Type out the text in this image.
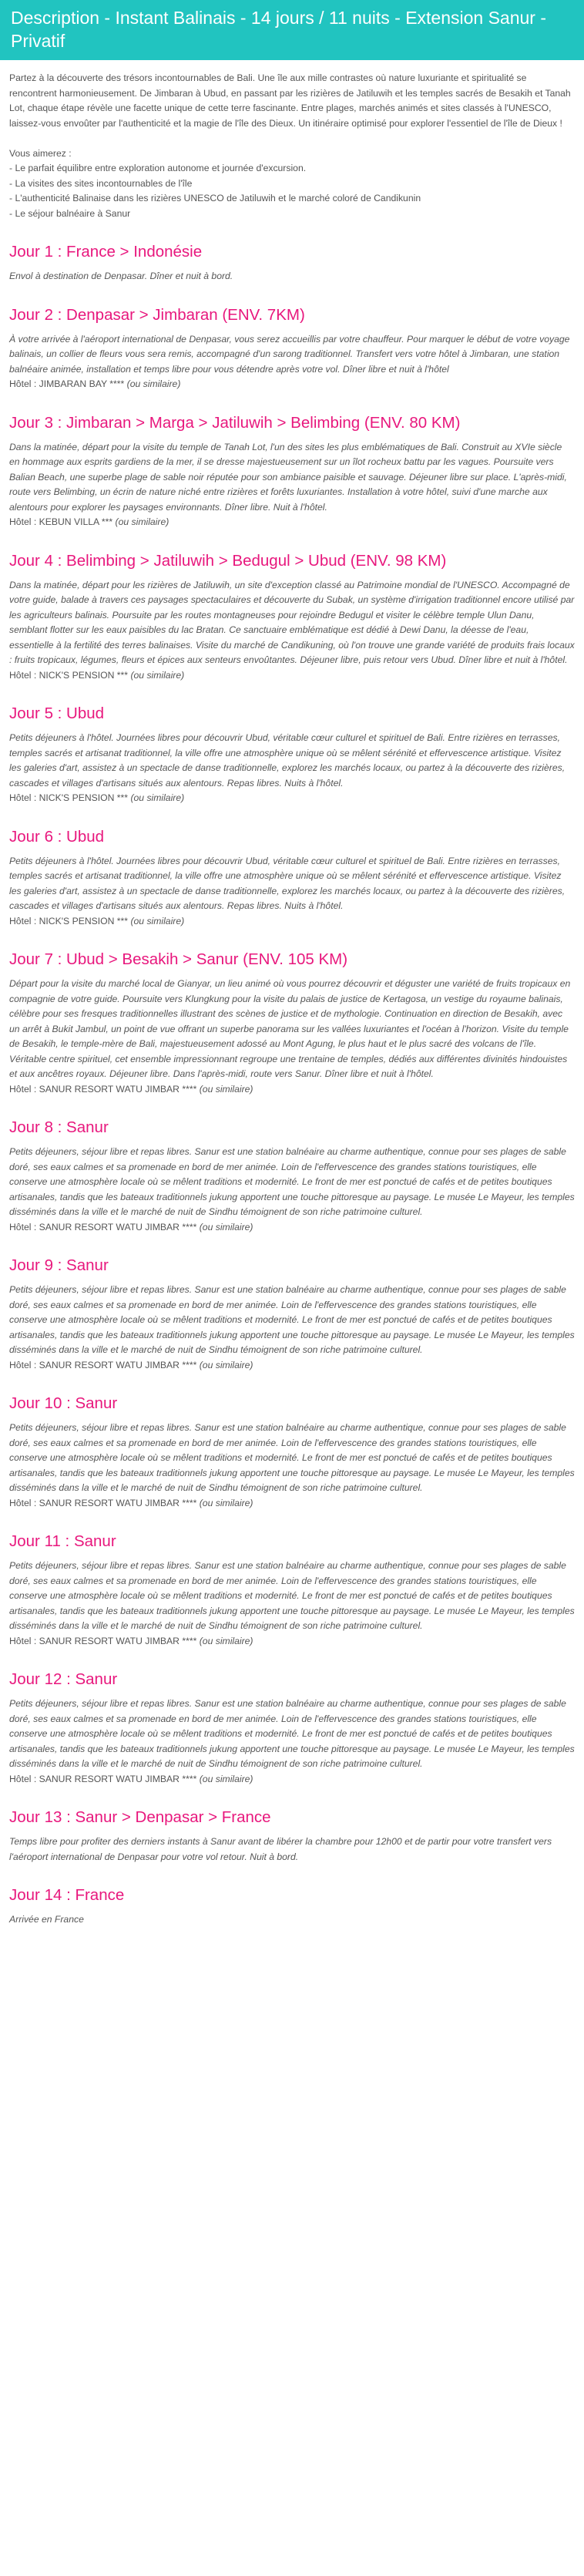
Description - Instant Balinais - 14 jours / 11 nuits - Extension Sanur - Privatif

Partez à la découverte des trésors incontournables de Bali. Une île aux mille contrastes où nature luxuriante et spiritualité se rencontrent harmonieusement. De Jimbaran à Ubud, en passant par les rizières de Jatiluwih et les temples sacrés de Besakih et Tanah Lot, chaque étape révèle une facette unique de cette terre fascinante. Entre plages, marchés animés et sites classés à l'UNESCO, laissez-vous envoûter par l'authenticité et la magie de l'île des Dieux. Un itinéraire optimisé pour explorer l'essentiel de l'île de Dieux !

Vous aimerez :

- Le parfait équilibre entre exploration autonome et journée d'excursion.

- La visites des sites incontournables de l'île

- L'authenticité Balinaise dans les rizières UNESCO de Jatiluwih et le marché coloré de Candikunin

- Le séjour balnéaire à Sanur

Jour 1 : France > Indonésie

Envol à destination de Denpasar. Dîner et nuit à bord.

Jour 2 : Denpasar > Jimbaran (ENV. 7KM)

À votre arrivée à l'aéroport international de Denpasar, vous serez accueillis par votre chauffeur. Pour marquer le début de votre voyage balinais, un collier de fleurs vous sera remis, accompagné d'un sarong traditionnel. Transfert vers votre hôtel à Jimbaran, une station balnéaire animée, installation et temps libre pour vous détendre après votre vol. Dîner libre et nuit à l'hôtel

Hôtel : JIMBARAN BAY **** (ou similaire)

Jour 3 : Jimbaran > Marga > Jatiluwih > Belimbing (ENV. 80 KM)

Dans la matinée, départ pour la visite du temple de Tanah Lot, l'un des sites les plus emblématiques de Bali. Construit au XVIe siècle en hommage aux esprits gardiens de la mer, il se dresse majestueusement sur un îlot rocheux battu par les vagues. Poursuite vers Balian Beach, une superbe plage de sable noir réputée pour son ambiance paisible et sauvage. Déjeuner libre sur place. L'après-midi, route vers Belimbing, un écrin de nature niché entre rizières et forêts luxuriantes. Installation à votre hôtel, suivi d'une marche aux alentours pour explorer les paysages environnants. Dîner libre. Nuit à l'hôtel.

Hôtel : KEBUN VILLA *** (ou similaire)

Jour 4 : Belimbing > Jatiluwih > Bedugul > Ubud (ENV. 98 KM)

Dans la matinée, départ pour les rizières de Jatiluwih, un site d'exception classé au Patrimoine mondial de l'UNESCO. Accompagné de votre guide, balade à travers ces paysages spectaculaires et découverte du Subak, un système d'irrigation traditionnel encore utilisé par les agriculteurs balinais. Poursuite par les routes montagneuses pour rejoindre Bedugul et visiter le célèbre temple Ulun Danu, semblant flotter sur les eaux paisibles du lac Bratan. Ce sanctuaire emblématique est dédié à Dewi Danu, la déesse de l'eau, essentielle à la fertilité des terres balinaises. Visite du marché de Candikuning, où l'on trouve une grande variété de produits frais locaux : fruits tropicaux, légumes, fleurs et épices aux senteurs envoûtantes. Déjeuner libre, puis retour vers Ubud. Dîner libre et nuit à l'hôtel.

Hôtel : NICK'S PENSION *** (ou similaire)

Jour 5 : Ubud

Petits déjeuners à l'hôtel. Journées libres pour découvrir Ubud, véritable cœur culturel et spirituel de Bali. Entre rizières en terrasses, temples sacrés et artisanat traditionnel, la ville offre une atmosphère unique où se mêlent sérénité et effervescence artistique. Visitez les galeries d'art, assistez à un spectacle de danse traditionnelle, explorez les marchés locaux, ou partez à la découverte des rizières, cascades et villages d'artisans situés aux alentours. Repas libres. Nuits à l'hôtel.

Hôtel : NICK'S PENSION *** (ou similaire)

Jour 6 : Ubud

Petits déjeuners à l'hôtel. Journées libres pour découvrir Ubud, véritable cœur culturel et spirituel de Bali. Entre rizières en terrasses, temples sacrés et artisanat traditionnel, la ville offre une atmosphère unique où se mêlent sérénité et effervescence artistique. Visitez les galeries d'art, assistez à un spectacle de danse traditionnelle, explorez les marchés locaux, ou partez à la découverte des rizières, cascades et villages d'artisans situés aux alentours. Repas libres. Nuits à l'hôtel.

Hôtel : NICK'S PENSION *** (ou similaire)

Jour 7 : Ubud > Besakih > Sanur (ENV. 105 KM)

Départ pour la visite du marché local de Gianyar, un lieu animé où vous pourrez découvrir et déguster une variété de fruits tropicaux en compagnie de votre guide. Poursuite vers Klungkung pour la visite du palais de justice de Kertagosa, un vestige du royaume balinais, célèbre pour ses fresques traditionnelles illustrant des scènes de justice et de mythologie. Continuation en direction de Besakih, avec un arrêt à Bukit Jambul, un point de vue offrant un superbe panorama sur les vallées luxuriantes et l'océan à l'horizon. Visite du temple de Besakih, le temple-mère de Bali, majestueusement adossé au Mont Agung, le plus haut et le plus sacré des volcans de l'île. Véritable centre spirituel, cet ensemble impressionnant regroupe une trentaine de temples, dédiés aux différentes divinités hindouistes et aux ancêtres royaux. Déjeuner libre. Dans l'après-midi, route vers Sanur. Dîner libre et nuit à l'hôtel.

Hôtel : SANUR RESORT WATU JIMBAR **** (ou similaire)

Jour 8 : Sanur

Petits déjeuners, séjour libre et repas libres. Sanur est une station balnéaire au charme authentique, connue pour ses plages de sable doré, ses eaux calmes et sa promenade en bord de mer animée. Loin de l'effervescence des grandes stations touristiques, elle conserve une atmosphère locale où se mêlent traditions et modernité. Le front de mer est ponctué de cafés et de petites boutiques artisanales, tandis que les bateaux traditionnels jukung apportent une touche pittoresque au paysage. Le musée Le Mayeur, les temples disséminés dans la ville et le marché de nuit de Sindhu témoignent de son riche patrimoine culturel.

Hôtel : SANUR RESORT WATU JIMBAR **** (ou similaire)

Jour 9 : Sanur

Petits déjeuners, séjour libre et repas libres. Sanur est une station balnéaire au charme authentique, connue pour ses plages de sable doré, ses eaux calmes et sa promenade en bord de mer animée. Loin de l'effervescence des grandes stations touristiques, elle conserve une atmosphère locale où se mêlent traditions et modernité. Le front de mer est ponctué de cafés et de petites boutiques artisanales, tandis que les bateaux traditionnels jukung apportent une touche pittoresque au paysage. Le musée Le Mayeur, les temples disséminés dans la ville et le marché de nuit de Sindhu témoignent de son riche patrimoine culturel.

Hôtel : SANUR RESORT WATU JIMBAR **** (ou similaire)

Jour 10 : Sanur

Petits déjeuners, séjour libre et repas libres. Sanur est une station balnéaire au charme authentique, connue pour ses plages de sable doré, ses eaux calmes et sa promenade en bord de mer animée. Loin de l'effervescence des grandes stations touristiques, elle conserve une atmosphère locale où se mêlent traditions et modernité. Le front de mer est ponctué de cafés et de petites boutiques artisanales, tandis que les bateaux traditionnels jukung apportent une touche pittoresque au paysage. Le musée Le Mayeur, les temples disséminés dans la ville et le marché de nuit de Sindhu témoignent de son riche patrimoine culturel.

Hôtel : SANUR RESORT WATU JIMBAR **** (ou similaire)

Jour 11 : Sanur

Petits déjeuners, séjour libre et repas libres. Sanur est une station balnéaire au charme authentique, connue pour ses plages de sable doré, ses eaux calmes et sa promenade en bord de mer animée. Loin de l'effervescence des grandes stations touristiques, elle conserve une atmosphère locale où se mêlent traditions et modernité. Le front de mer est ponctué de cafés et de petites boutiques artisanales, tandis que les bateaux traditionnels jukung apportent une touche pittoresque au paysage. Le musée Le Mayeur, les temples disséminés dans la ville et le marché de nuit de Sindhu témoignent de son riche patrimoine culturel.

Hôtel : SANUR RESORT WATU JIMBAR **** (ou similaire)

Jour 12 : Sanur

Petits déjeuners, séjour libre et repas libres. Sanur est une station balnéaire au charme authentique, connue pour ses plages de sable doré, ses eaux calmes et sa promenade en bord de mer animée. Loin de l'effervescence des grandes stations touristiques, elle conserve une atmosphère locale où se mêlent traditions et modernité. Le front de mer est ponctué de cafés et de petites boutiques artisanales, tandis que les bateaux traditionnels jukung apportent une touche pittoresque au paysage. Le musée Le Mayeur, les temples disséminés dans la ville et le marché de nuit de Sindhu témoignent de son riche patrimoine culturel.

Hôtel : SANUR RESORT WATU JIMBAR **** (ou similaire)

Jour 13 : Sanur > Denpasar > France

Temps libre pour profiter des derniers instants à Sanur avant de libérer la chambre pour 12h00 et de partir pour votre transfert vers l'aéroport international de Denpasar pour votre vol retour. Nuit à bord.

Jour 14 : France

Arrivée en France
